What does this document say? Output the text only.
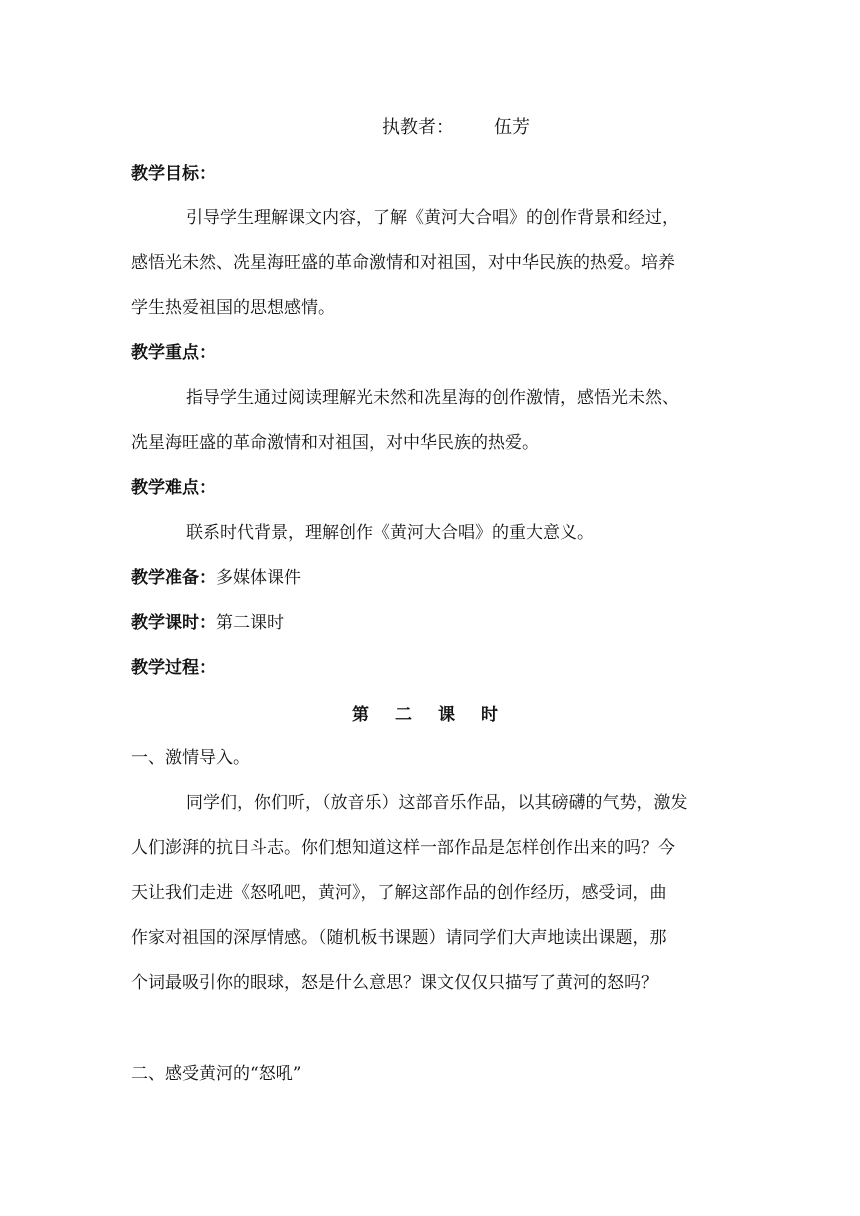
执教者： 伍芳
教学目标：
引导学生理解课文内容，了解《黄河大合唱》的创作背景和经过，
感悟光未然、冼星海旺盛的革命激情和对祖国，对中华民族的热爱。培养
学生热爱祖国的思想感情。
教学重点：
指导学生通过阅读理解光未然和冼星海的创作激情，感悟光未然、
冼星海旺盛的革命激情和对祖国，对中华民族的热爱。
教学难点：
联系时代背景，理解创作《黄河大合唱》的重大意义。
教学准备：多媒体课件
教学课时：第二课时
教学过程：
第二课时
一、激情导入。
同学们，你们听，（放音乐）这部音乐作品，以其磅礴的气势，激发
人们澎湃的抗日斗志。你们想知道这样一部作品是怎样创作出来的吗？今
天让我们走进《怒吼吧，黄河》，了解这部作品的创作经历，感受词，曲
作家对祖国的深厚情感。（随机板书课题）请同学们大声地读出课题，那
个词最吸引你的眼球，怒是什么意思？课文仅仅只描写了黄河的怒吗？
二、感受黄河的“怒吼”
